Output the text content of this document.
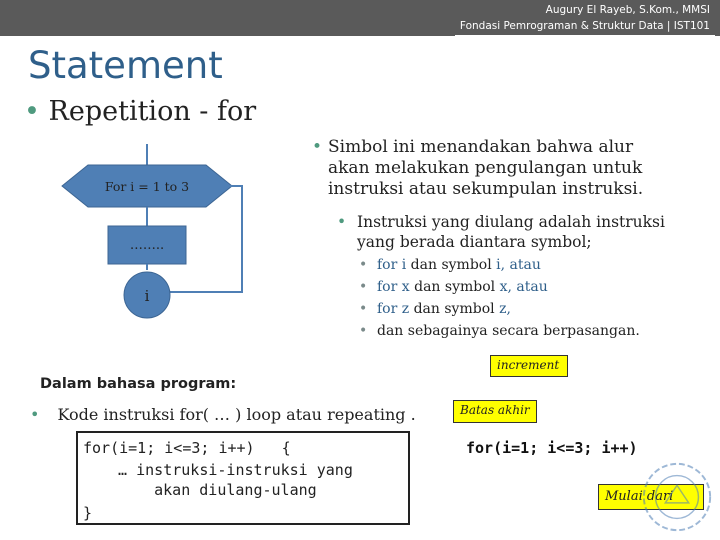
Augury El Rayeb, S.Kom., MMSI
Fondasi Pemrograman & Struktur Data | IST101
Statement
• Repetition - for
For i = 1 to 3
……..
i
• Simbol ini menandakan bahwa alur
akan melakukan pengulangan untuk
instruksi atau sekumpulan instruksi.
• Instruksi yang diulang adalah instruksi
yang berada diantara symbol;
• for i dan symbol i, atau
• for x dan symbol x, atau
• for z dan symbol z,
• dan sebagainya secara berpasangan.
increment
Batas akhir
for(i=1; i<=3; i++)
Mulai dari
Dalam bahasa program:
• Kode instruksi for( … ) loop atau repeating .
for(i=1; i<=3; i++)   {
… instruksi-instruksi yang
akan diulang-ulang
}
